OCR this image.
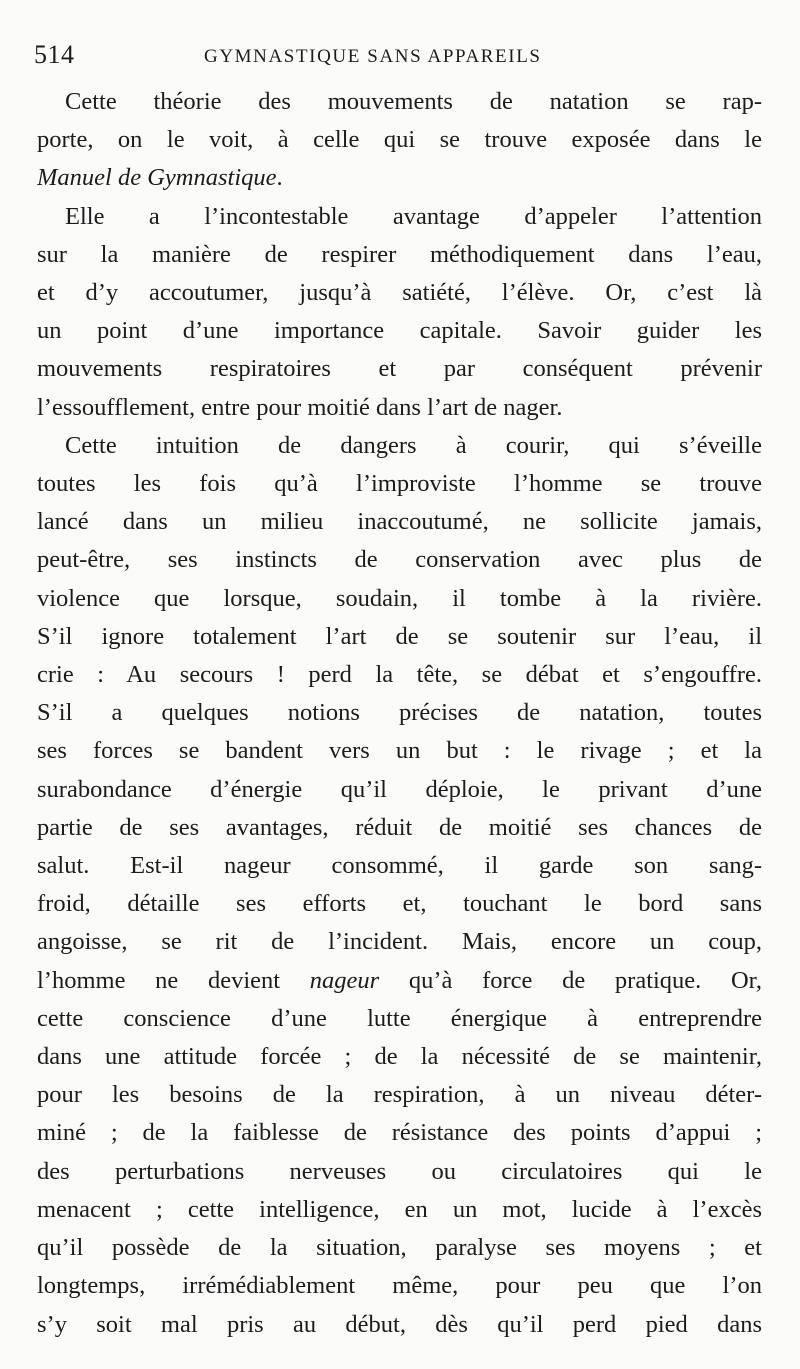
514	GYMNASTIQUE SANS APPAREILS
Cette théorie des mouvements de natation se rap-
porte, on le voit, à celle qui se trouve exposée dans le
Manuel de Gymnastique.
Elle a l’incontestable avantage d’appeler l’attention
sur la manière de respirer méthodiquement dans l’eau,
et d’y accoutumer, jusqu’à satiété, l’élève. Or, c’est là
un point d’une importance capitale. Savoir guider les
mouvements respiratoires et par conséquent prévenir
l’essoufflement, entre pour moitié dans l’art de nager.
Cette intuition de dangers à courir, qui s’éveille
toutes les fois qu’à l’improviste l’homme se trouve
lancé dans un milieu inaccoutumé, ne sollicite jamais,
peut-être, ses instincts de conservation avec plus de
violence que lorsque, soudain, il tombe à la rivière.
S’il ignore totalement l’art de se soutenir sur l’eau, il
crie : Au secours ! perd la tête, se débat et s’engouffre.
S’il a quelques notions précises de natation, toutes
ses forces se bandent vers un but : le rivage ; et la
surabondance d’énergie qu’il déploie, le privant d’une
partie de ses avantages, réduit de moitié ses chances de
salut. Est-il nageur consommé, il garde son sang-
froid, détaille ses efforts et, touchant le bord sans
angoisse, se rit de l’incident. Mais, encore un coup,
l’homme ne devient nageur qu’à force de pratique. Or,
cette conscience d’une lutte énergique à entreprendre
dans une attitude forcée ; de la nécessité de se maintenir,
pour les besoins de la respiration, à un niveau déter-
miné ; de la faiblesse de résistance des points d’appui ;
des perturbations nerveuses ou circulatoires qui le
menacent ; cette intelligence, en un mot, lucide à l’excès
qu’il possède de la situation, paralyse ses moyens ; et
longtemps, irrémédiablement même, pour peu que l’on
s’y soit mal pris au début, dès qu’il perd pied dans
